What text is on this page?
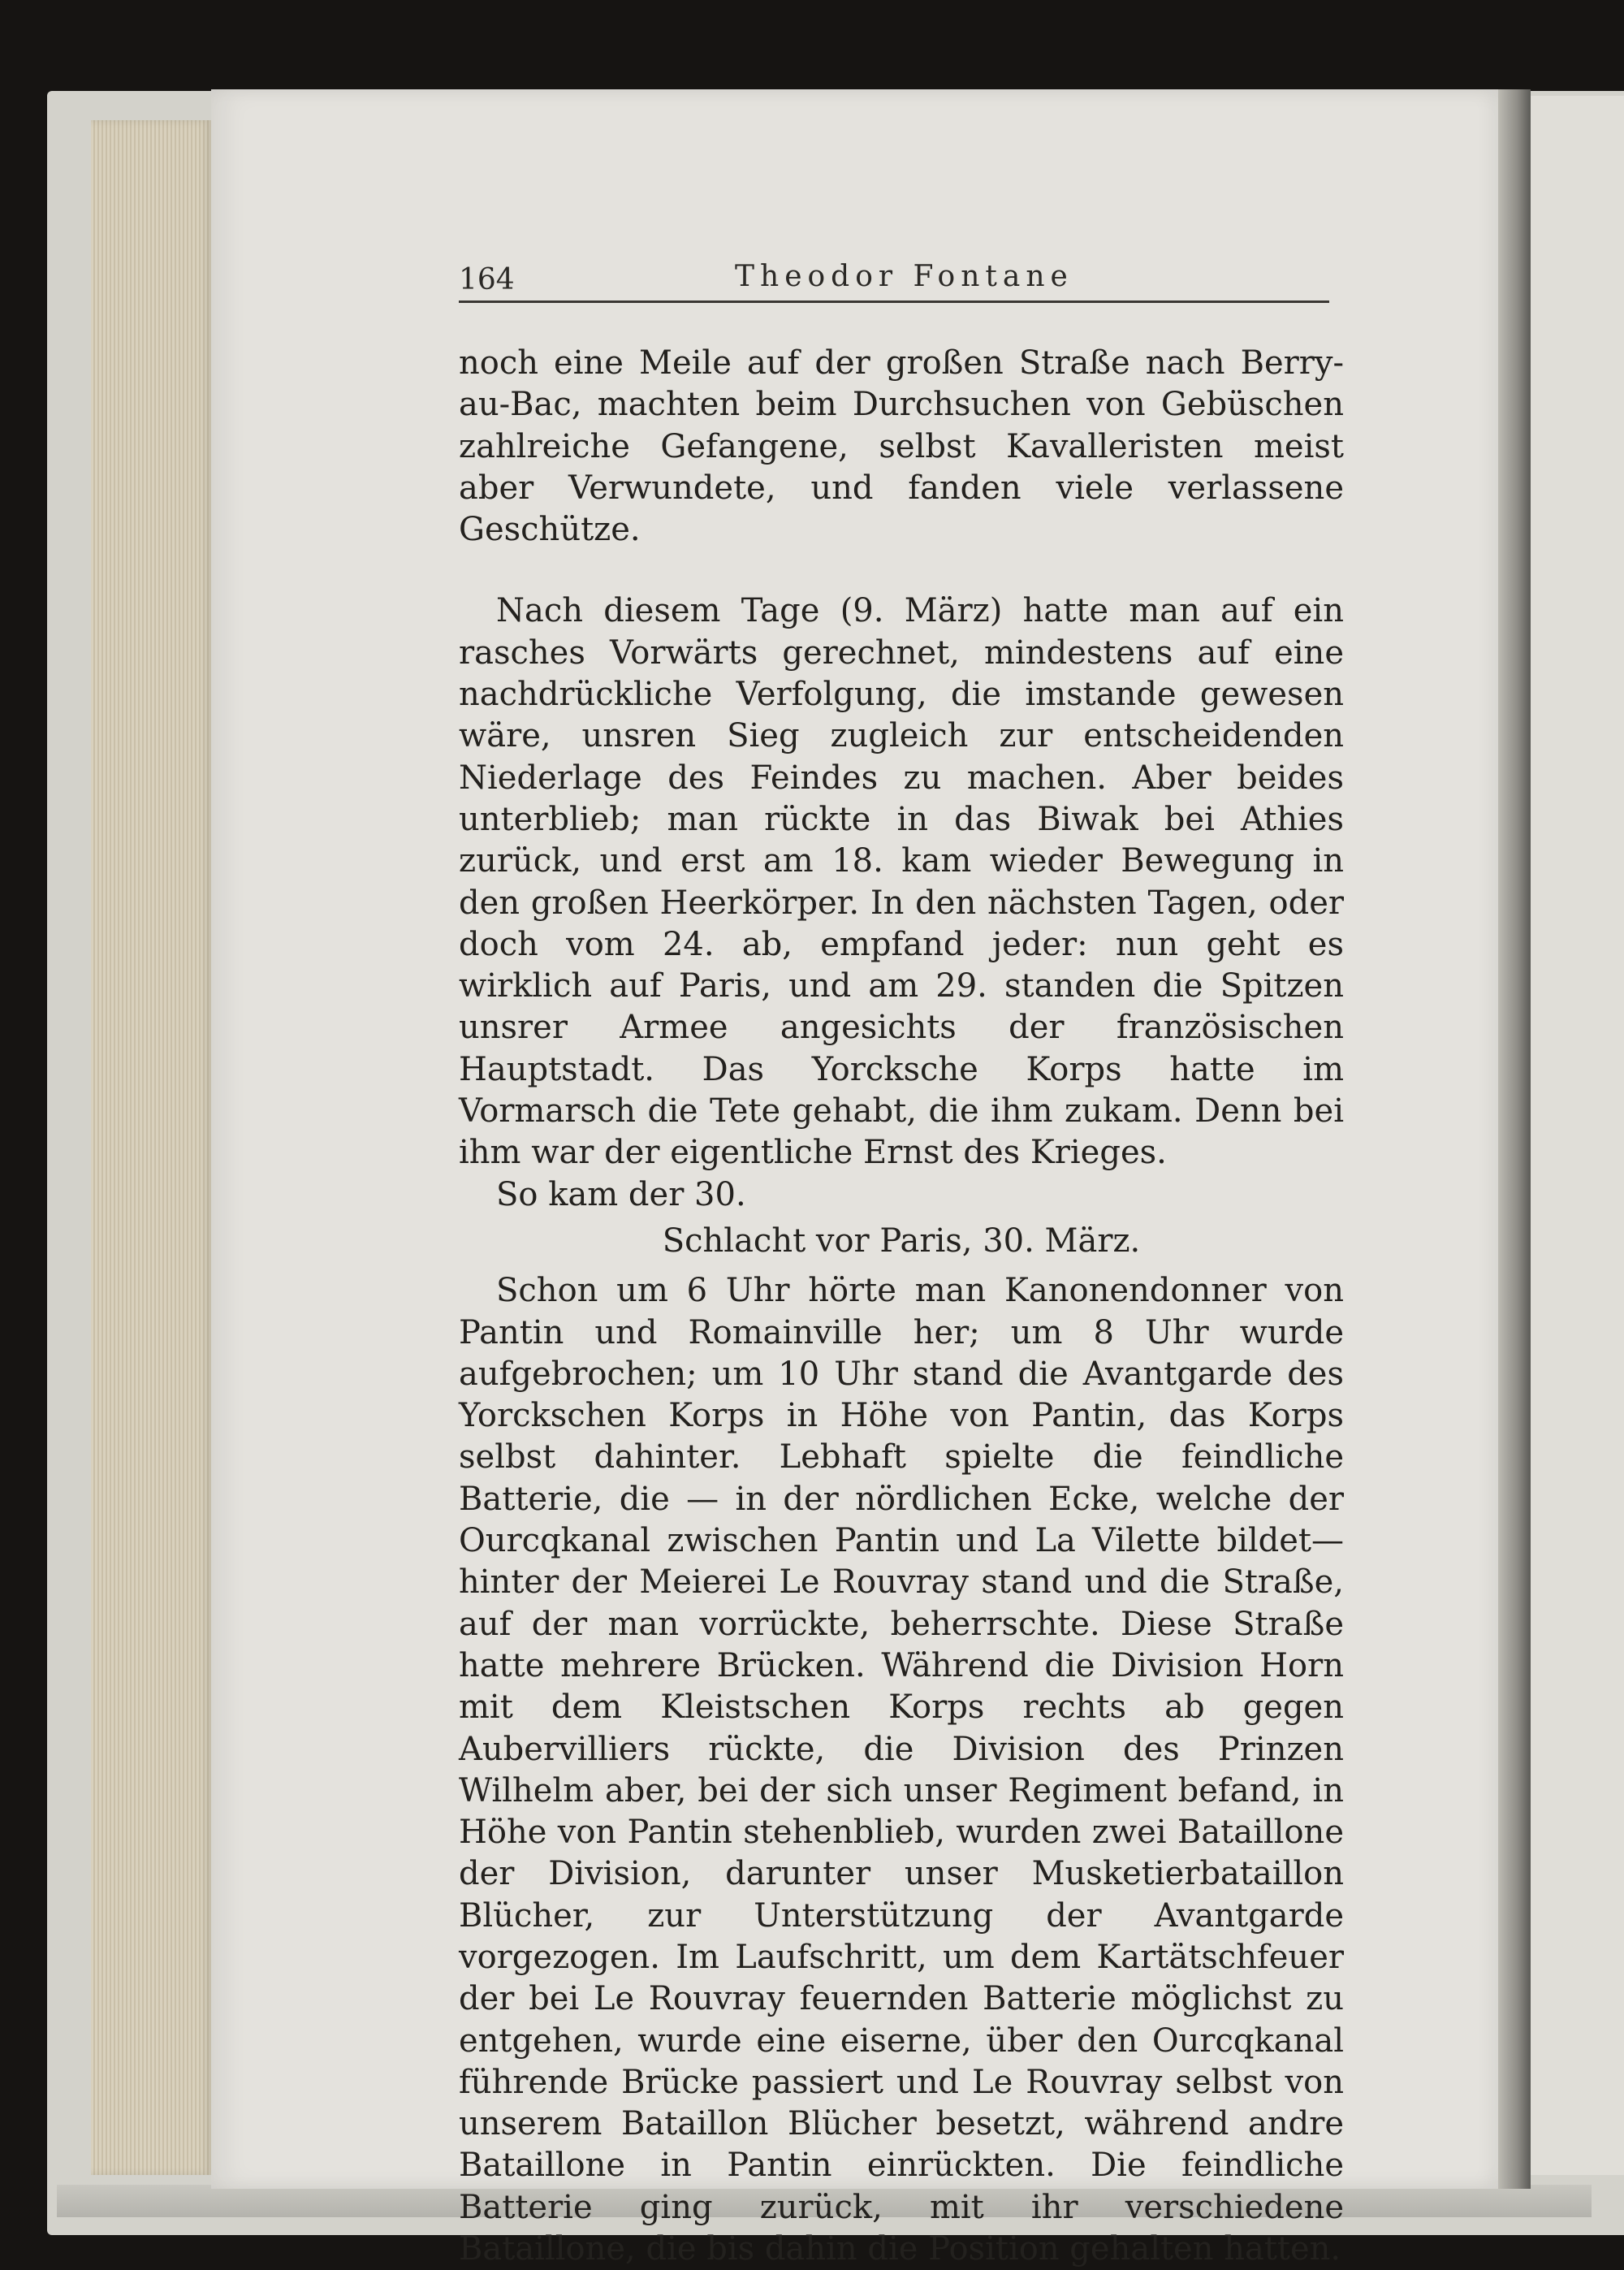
164	Theodor Fontane

noch eine Meile auf der großen Straße nach Berry-au-Bac, machten beim Durchsuchen von Gebüschen zahlreiche Gefangene, selbst Kavalleristen meist aber Verwundete, und fanden viele verlassene Geschütze.

Nach diesem Tage (9. März) hatte man auf ein rasches Vorwärts gerechnet, mindestens auf eine nachdrückliche Verfolgung, die imstande gewesen wäre, unsren Sieg zugleich zur entscheidenden Niederlage des Feindes zu machen. Aber beides unterblieb; man rückte in das Biwak bei Athies zurück, und erst am 18. kam wieder Bewegung in den großen Heerkörper. In den nächsten Tagen, oder doch vom 24. ab, empfand jeder: nun geht es wirklich auf Paris, und am 29. standen die Spitzen unsrer Armee angesichts der französischen Hauptstadt. Das Yorcksche Korps hatte im Vormarsch die Tete gehabt, die ihm zukam. Denn bei ihm war der eigentliche Ernst des Krieges.

So kam der 30.

Schlacht vor Paris, 30. März.

Schon um 6 Uhr hörte man Kanonendonner von Pantin und Romainville her; um 8 Uhr wurde aufgebrochen; um 10 Uhr stand die Avantgarde des Yorckschen Korps in Höhe von Pantin, das Korps selbst dahinter. Lebhaft spielte die feindliche Batterie, die — in der nördlichen Ecke, welche der Ourcqkanal zwischen Pantin und La Vilette bildet— hinter der Meierei Le Rouvray stand und die Straße, auf der man vorrückte, beherrschte. Diese Straße hatte mehrere Brücken. Während die Division Horn mit dem Kleistschen Korps rechts ab gegen Aubervilliers rückte, die Division des Prinzen Wilhelm aber, bei der sich unser Regiment befand, in Höhe von Pantin stehenblieb, wurden zwei Bataillone der Division, darunter unser Musketierbataillon Blücher, zur Unterstützung der Avantgarde vorgezogen. Im Laufschritt, um dem Kartätschfeuer der bei Le Rouvray feuernden Batterie möglichst zu entgehen, wurde eine eiserne, über den Ourcqkanal führende Brücke passiert und Le Rouvray selbst von unserem Bataillon Blücher besetzt, während andre Bataillone in Pantin einrückten. Die feindliche Batterie ging zurück, mit ihr verschiedene Bataillone, die bis dahin die Position gehalten hatten.
